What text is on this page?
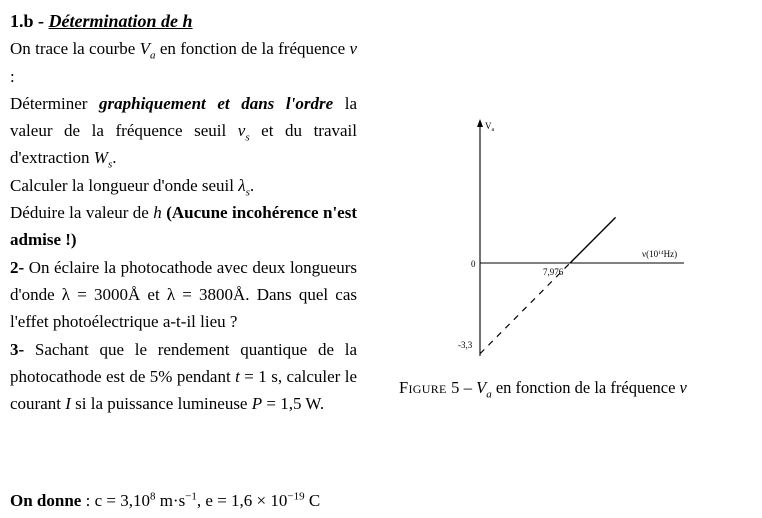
1.b - Détermination de h

On trace la courbe $V_a$ en fonction de la fréquence ν :

Déterminer graphiquement et dans l'ordre la valeur de la fréquence seuil $\nu_s$ et du travail d'extraction $W_s$.

Calculer la longueur d'onde seuil $\lambda_s$.

Déduire la valeur de h (Aucune incohérence n'est admise !)

2- On éclaire la photocathode avec deux longueurs d'onde λ = 3000Å et λ = 3800Å. Dans quel cas l'effet photoélectrique a-t-il lieu ?

3- Sachant que le rendement quantique de la photocathode est de 5% pendant t = 1 s, calculer le courant I si la puissance lumineuse P = 1,5 W.

On donne : $c = 3,10^8$ $m\cdot s^{-1}$, $e = 1,6 \times 10^{-19}$ C
$V_a$
$\nu(10^{14}Hz)$
0
7,976
-3,3
Figure $5 - V_a$ en fonction de la fréquence ν
